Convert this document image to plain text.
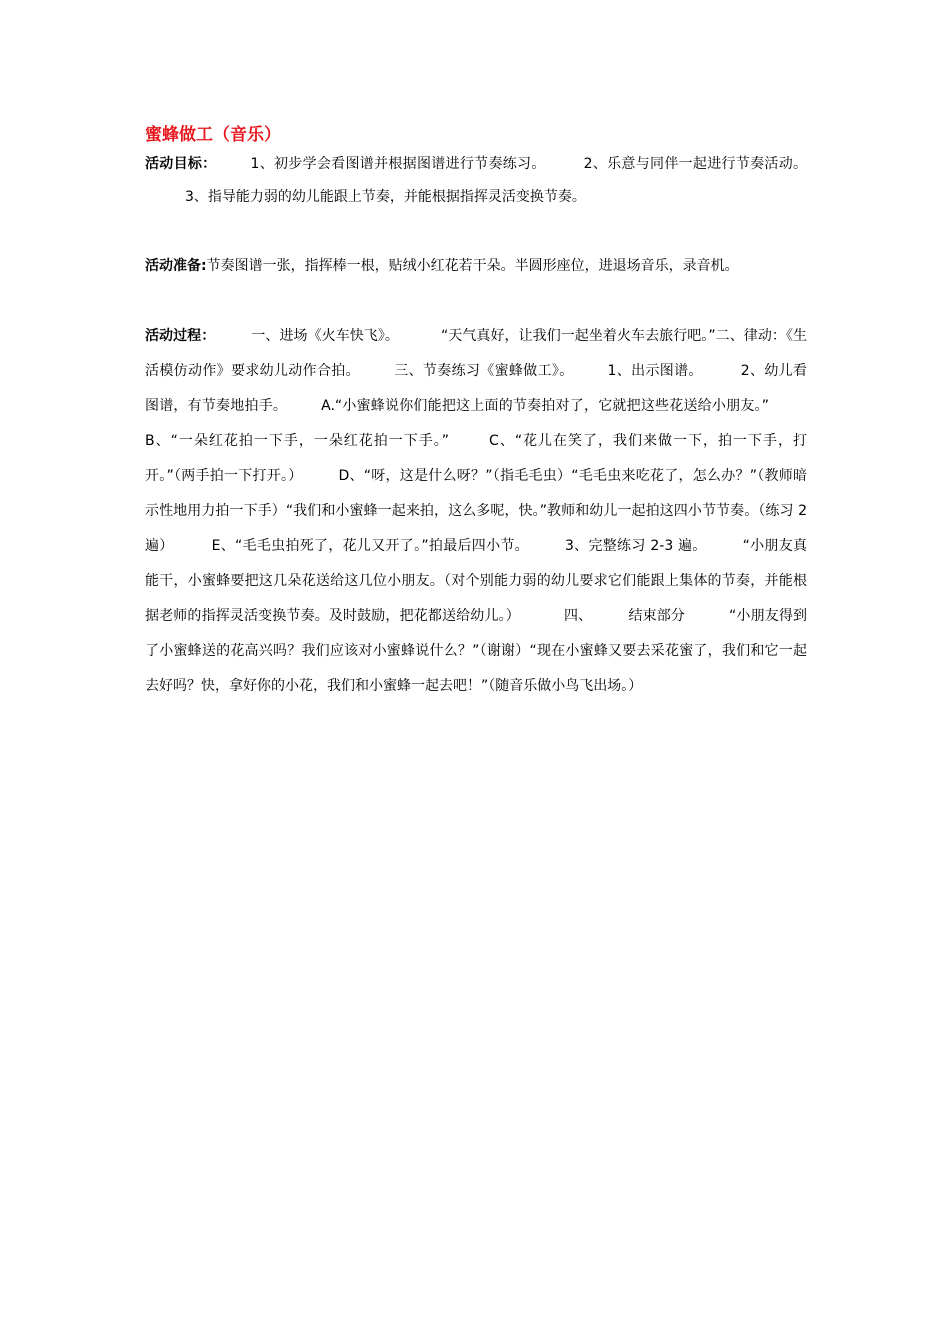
蜜蜂做工（音乐）

活动目标： 1、初步学会看图谱并根据图谱进行节奏练习。	2、乐意与同伴一起进行节奏活动。3、指导能力弱的幼儿能跟上节奏，并能根据指挥灵活变换节奏。

活动准备:节奏图谱一张，指挥棒一根，贴绒小红花若干朵。半圆形座位，进退场音乐，录音机。

活动过程：	一、进场《火车快飞》。	“天气真好，让我们一起坐着火车去旅行吧。”二、律动：《生活模仿动作》要求幼儿动作合拍。 三、节奏练习《蜜蜂做工》。 1、出示图谱。	2、幼儿看图谱，有节奏地拍手。 A.“小蜜蜂说你们能把这上面的节奏拍对了，它就把这些花送给小朋友。”B、“一朵红花拍一下手，一朵红花拍一下手。”	C、“花儿在笑了，我们来做一下，拍一下手，打开。”（两手拍一下打开。）	D、“呀，这是什么呀？”（指毛毛虫）“毛毛虫来吃花了，怎么办？”（教师暗示性地用力拍一下手）“我们和小蜜蜂一起来拍，这么多呢，快。”教师和幼儿一起拍这四小节节奏。（练习 2 遍）	E、“毛毛虫拍死了，花儿又开了。”拍最后四小节。	3、完整练习 2-3 遍。	“小朋友真能干，小蜜蜂要把这几朵花送给这几位小朋友。（对个别能力弱的幼儿要求它们能跟上集体的节奏，并能根据老师的指挥灵活变换节奏。及时鼓励，把花都送给幼儿。）	四、	结束部分	“小朋友得到了小蜜蜂送的花高兴吗？我们应该对小蜜蜂说什么？”（谢谢）“现在小蜜蜂又要去采花蜜了，我们和它一起去好吗？快，拿好你的小花，我们和小蜜蜂一起去吧！”（随音乐做小鸟飞出场。）
